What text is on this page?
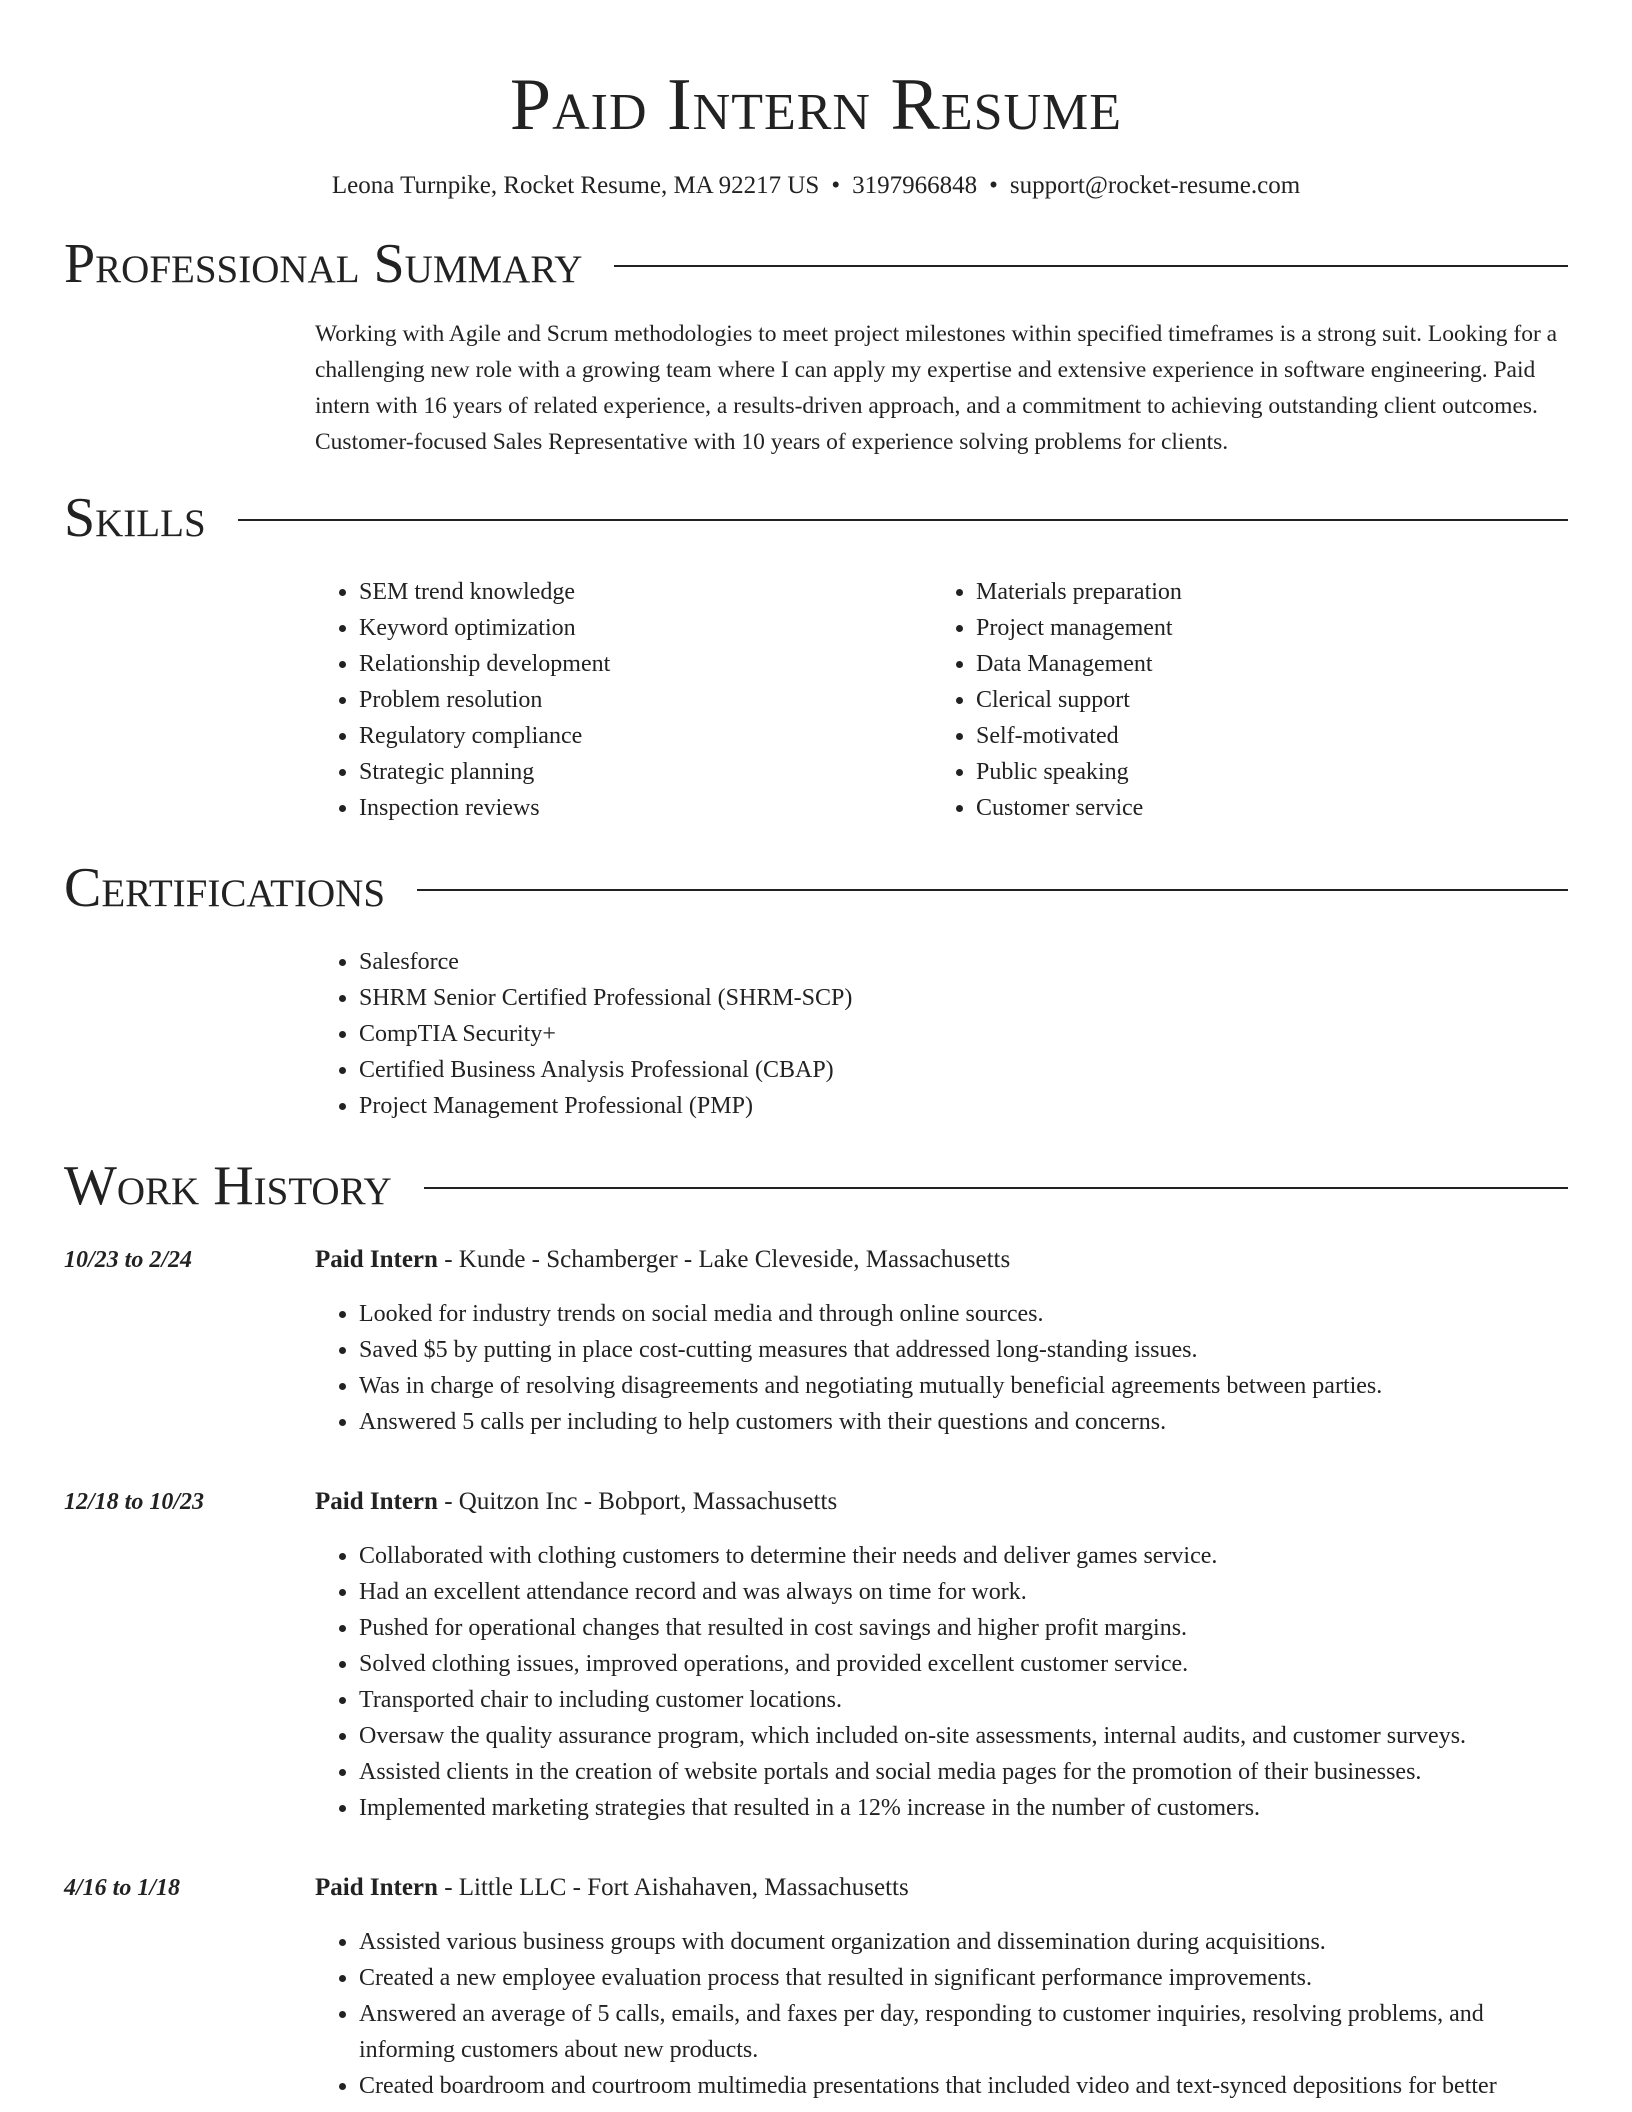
Paid Intern Resume
Leona Turnpike, Rocket Resume, MA 92217 US • 3197966848 • support@rocket-resume.com
Professional Summary

Working with Agile and Scrum methodologies to meet project milestones within specified timeframes is a strong suit. Looking for a challenging new role with a growing team where I can apply my expertise and extensive experience in software engineering. Paid intern with 16 years of related experience, a results-driven approach, and a commitment to achieving outstanding client outcomes. Customer-focused Sales Representative with 10 years of experience solving problems for clients.

Skills
• SEM trend knowledge
• Keyword optimization
• Relationship development
• Problem resolution
• Regulatory compliance
• Strategic planning
• Inspection reviews
• Materials preparation
• Project management
• Data Management
• Clerical support
• Self-motivated
• Public speaking
• Customer service
Certifications
• Salesforce
• SHRM Senior Certified Professional (SHRM-SCP)
• CompTIA Security+
• Certified Business Analysis Professional (CBAP)
• Project Management Professional (PMP)
Work History
10/23 to 2/24	Paid Intern - Kunde - Schamberger - Lake Cleveside, Massachusetts
• Looked for industry trends on social media and through online sources.
• Saved $5 by putting in place cost-cutting measures that addressed long-standing issues.
• Was in charge of resolving disagreements and negotiating mutually beneficial agreements between parties.
• Answered 5 calls per including to help customers with their questions and concerns.
12/18 to 10/23	Paid Intern - Quitzon Inc - Bobport, Massachusetts
• Collaborated with clothing customers to determine their needs and deliver games service.
• Had an excellent attendance record and was always on time for work.
• Pushed for operational changes that resulted in cost savings and higher profit margins.
• Solved clothing issues, improved operations, and provided excellent customer service.
• Transported chair to including customer locations.
• Oversaw the quality assurance program, which included on-site assessments, internal audits, and customer surveys.
• Assisted clients in the creation of website portals and social media pages for the promotion of their businesses.
• Implemented marketing strategies that resulted in a 12% increase in the number of customers.
4/16 to 1/18	Paid Intern - Little LLC - Fort Aishahaven, Massachusetts
• Assisted various business groups with document organization and dissemination during acquisitions.
• Created a new employee evaluation process that resulted in significant performance improvements.
• Answered an average of 5 calls, emails, and faxes per day, responding to customer inquiries, resolving problems, and informing customers about new products.
• Created boardroom and courtroom multimedia presentations that included video and text-synced depositions for better
